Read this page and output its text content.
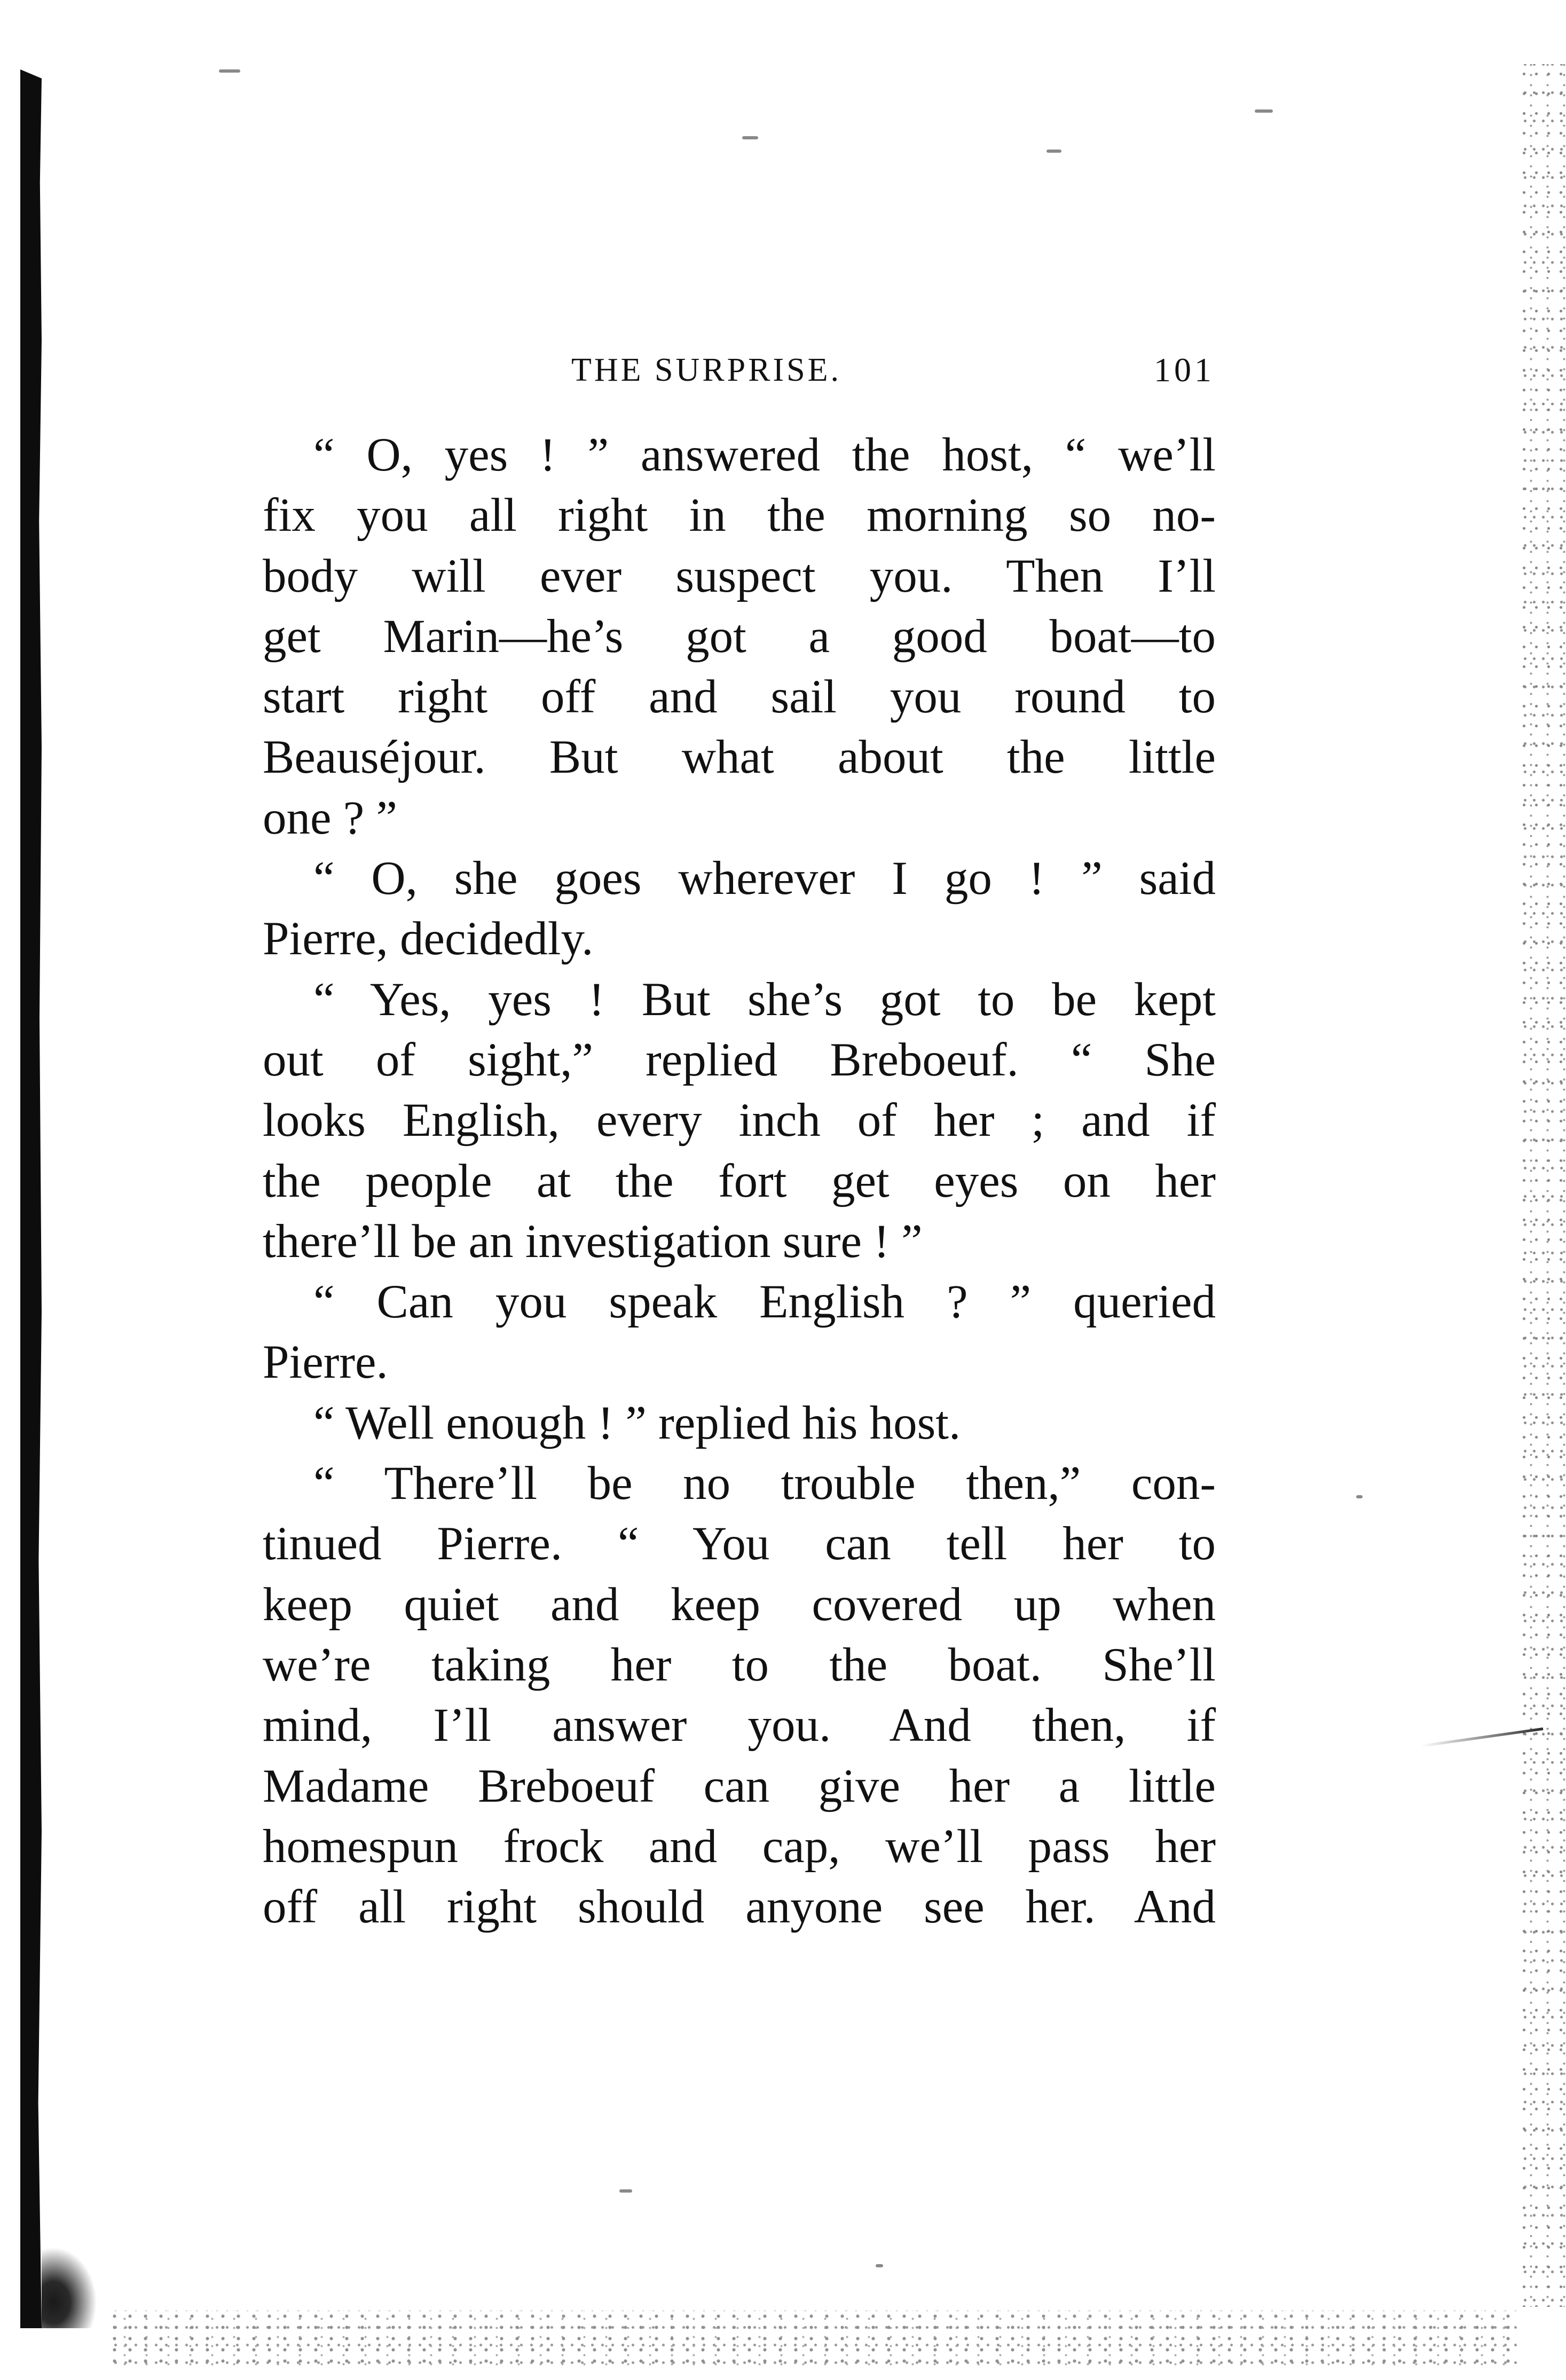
THE SURPRISE.	101
“ O, yes ! ” answered the host, “ we’ll
fix you all right in the morning so no-
body will ever suspect you. Then I’ll
get Marin—he’s got a good boat—to
start right off and sail you round to
Beauséjour. But what about the little
one ? ”
“ O, she goes wherever I go ! ” said
Pierre, decidedly.
“ Yes, yes ! But she’s got to be kept
out of sight,” replied Breboeuf. “ She
looks English, every inch of her ; and if
the people at the fort get eyes on her
there’ll be an investigation sure ! ”
“ Can you speak English ? ” queried
Pierre.
“ Well enough ! ” replied his host.
“ There’ll be no trouble then,” con-
tinued Pierre. “ You can tell her to
keep quiet and keep covered up when
we’re taking her to the boat. She’ll
mind, I’ll answer you. And then, if
Madame Breboeuf can give her a little
homespun frock and cap, we’ll pass her
off all right should anyone see her. And
